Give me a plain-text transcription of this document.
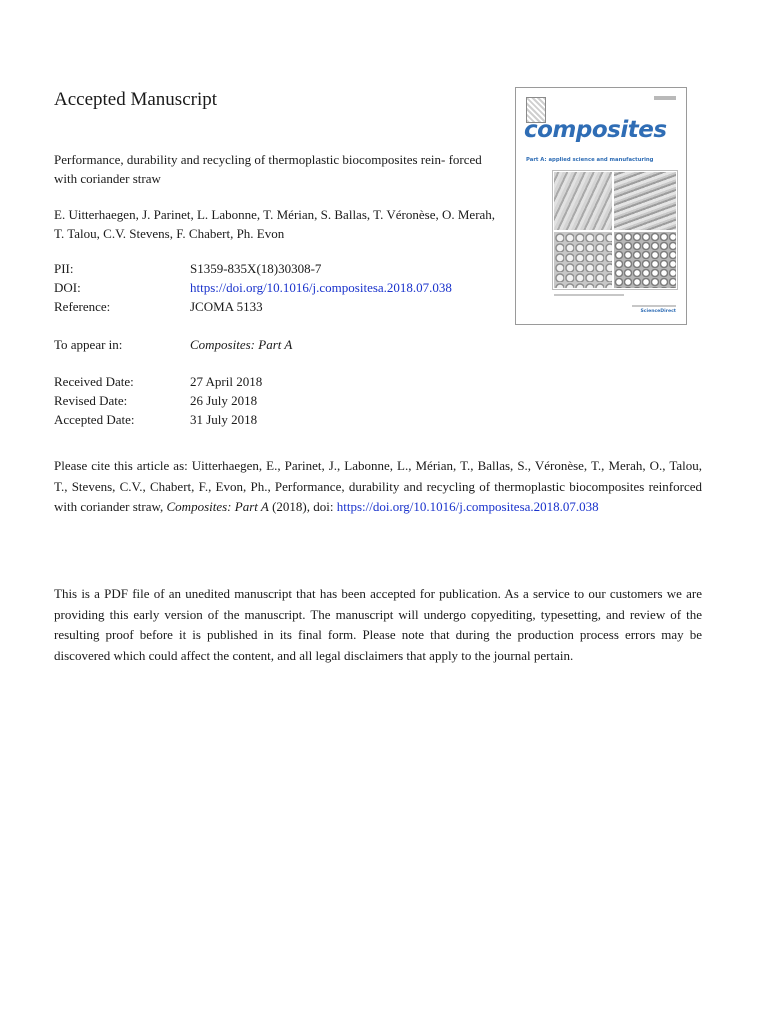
Accepted Manuscript
Performance, durability and recycling of thermoplastic biocomposites rein- forced with coriander straw
E. Uitterhaegen, J. Parinet, L. Labonne, T. Mérian, S. Ballas, T. Véronèse, O. Merah, T. Talou, C.V. Stevens, F. Chabert, Ph. Evon
PII:	S1359-835X(18)30308-7
DOI:	https://doi.org/10.1016/j.compositesa.2018.07.038
Reference:	JCOMA 5133
To appear in:	Composites: Part A
Received Date:	27 April 2018
Revised Date:	26 July 2018
Accepted Date:	31 July 2018
Please cite this article as: Uitterhaegen, E., Parinet, J., Labonne, L., Mérian, T., Ballas, S., Véronèse, T., Merah, O., Talou, T., Stevens, C.V., Chabert, F., Evon, Ph., Performance, durability and recycling of thermoplastic biocomposites reinforced with coriander straw, Composites: Part A (2018), doi: https://doi.org/10.1016/j.compositesa.2018.07.038
This is a PDF file of an unedited manuscript that has been accepted for publication. As a service to our customers we are providing this early version of the manuscript. The manuscript will undergo copyediting, typesetting, and review of the resulting proof before it is published in its final form. Please note that during the production process errors may be discovered which could affect the content, and all legal disclaimers that apply to the journal pertain.
composites
Part A: applied science and manufacturing
ScienceDirect
